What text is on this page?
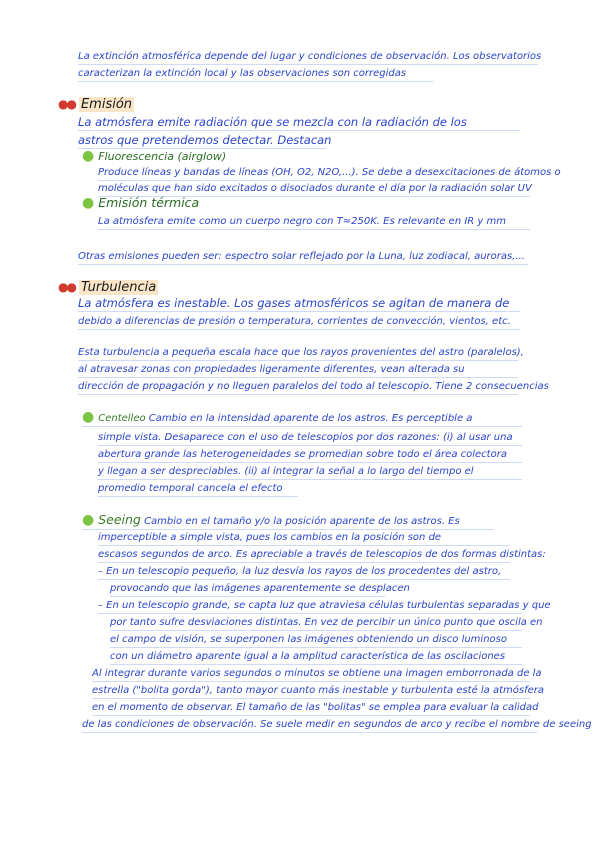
La extinción atmosférica depende del lugar y condiciones de observación. Los observatorios
caracterizan la extinción local y las observaciones son corregidas
●● Emisión
La atmósfera emite radiación que se mezcla con la radiación de los
astros que pretendemos detectar. Destacan
● Fluorescencia (airglow)
Produce líneas y bandas de líneas (OH, O2, N2O,...). Se debe a desexcitaciones de átomos o
moléculas que han sido excitados o disociados durante el día por la radiación solar UV
● Emisión térmica
La atmósfera emite como un cuerpo negro con T≈250K. Es relevante en IR y mm
Otras emisiones pueden ser: espectro solar reflejado por la Luna, luz zodiacal, auroras,...
●● Turbulencia
La atmósfera es inestable. Los gases atmosféricos se agitan de manera de
debido a diferencias de presión o temperatura, corrientes de convección, vientos, etc.
Esta turbulencia a pequeña escala hace que los rayos provenientes del astro (paralelos),
al atravesar zonas con propiedades ligeramente diferentes, vean alterada su
dirección de propagación y no lleguen paralelos del todo al telescopio. Tiene 2 consecuencias
● Centelleo Cambio en la intensidad aparente de los astros. Es perceptible a
simple vista. Desaparece con el uso de telescopios por dos razones: (i) al usar una
abertura grande las heterogeneidades se promedian sobre todo el área colectora
y llegan a ser despreciables. (ii) al integrar la señal a lo largo del tiempo el
promedio temporal cancela el efecto
● Seeing Cambio en el tamaño y/o la posición aparente de los astros. Es
imperceptible a simple vista, pues los cambios en la posición son de
escasos segundos de arco. Es apreciable a través de telescopios de dos formas distintas:
– En un telescopio pequeño, la luz desvía los rayos de los procedentes del astro,
provocando que las imágenes aparentemente se desplacen
– En un telescopio grande, se capta luz que atraviesa células turbulentas separadas y que
por tanto sufre desviaciones distintas. En vez de percibir un único punto que oscila en
el campo de visión, se superponen las imágenes obteniendo un disco luminoso
con un diámetro aparente igual a la amplitud característica de las oscilaciones
Al integrar durante varios segundos o minutos se obtiene una imagen emborronada de la
estrella ("bolita gorda"), tanto mayor cuanto más inestable y turbulenta esté la atmósfera
en el momento de observar. El tamaño de las "bolitas" se emplea para evaluar la calidad
de las condiciones de observación. Se suele medir en segundos de arco y recibe el nombre de seeing
